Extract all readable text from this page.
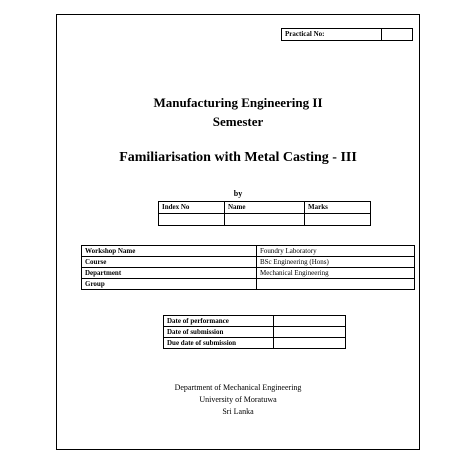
Practical No:	
Manufacturing Engineering II
Semester
Familiarisation with Metal Casting - III
by
Index No	Name	Marks

Workshop Name	Foundry Laboratory
Course	BSc Engineering (Hons)
Department	Mechanical Engineering
Group	
Date of performance	
Date of submission	
Due date of submission	
Department of Mechanical Engineering
University of Moratuwa
Sri Lanka
